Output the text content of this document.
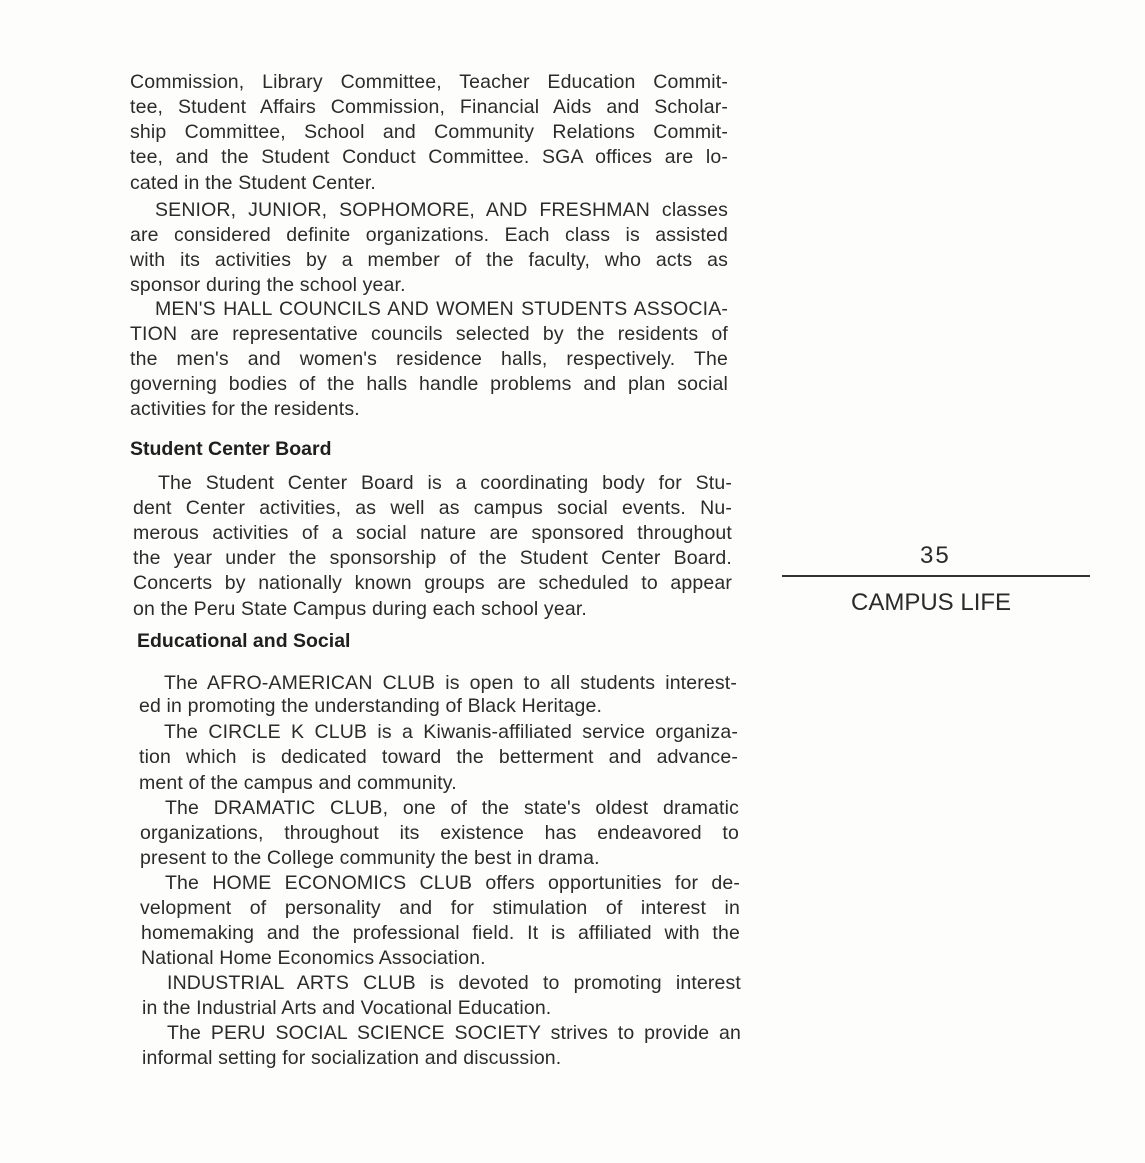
Commission, Library Committee, Teacher Education Commit-
tee, Student Affairs Commission, Financial Aids and Scholar-
ship Committee, School and Community Relations Commit-
tee, and the Student Conduct Committee. SGA offices are lo-
cated in the Student Center.
SENIOR, JUNIOR, SOPHOMORE, AND FRESHMAN classes
are considered definite organizations. Each class is assisted
with its activities by a member of the faculty, who acts as
sponsor during the school year.
MEN'S HALL COUNCILS AND WOMEN STUDENTS ASSOCIA-
TION are representative councils selected by the residents of
the men's and women's residence halls, respectively. The
governing bodies of the halls handle problems and plan social
activities for the residents.
Student Center Board
The Student Center Board is a coordinating body for Stu-
dent Center activities, as well as campus social events. Nu-
merous activities of a social nature are sponsored throughout
the year under the sponsorship of the Student Center Board.
Concerts by nationally known groups are scheduled to appear
on the Peru State Campus during each school year.
Educational and Social
The AFRO-AMERICAN CLUB is open to all students interest-
ed in promoting the understanding of Black Heritage.
The CIRCLE K CLUB is a Kiwanis-affiliated service organiza-
tion which is dedicated toward the betterment and advance-
ment of the campus and community.
The DRAMATIC CLUB, one of the state's oldest dramatic
organizations, throughout its existence has endeavored to
present to the College community the best in drama.
The HOME ECONOMICS CLUB offers opportunities for de-
velopment of personality and for stimulation of interest in
homemaking and the professional field. It is affiliated with the
National Home Economics Association.
INDUSTRIAL ARTS CLUB is devoted to promoting interest
in the Industrial Arts and Vocational Education.
The PERU SOCIAL SCIENCE SOCIETY strives to provide an
informal setting for socialization and discussion.
35
CAMPUS LIFE
